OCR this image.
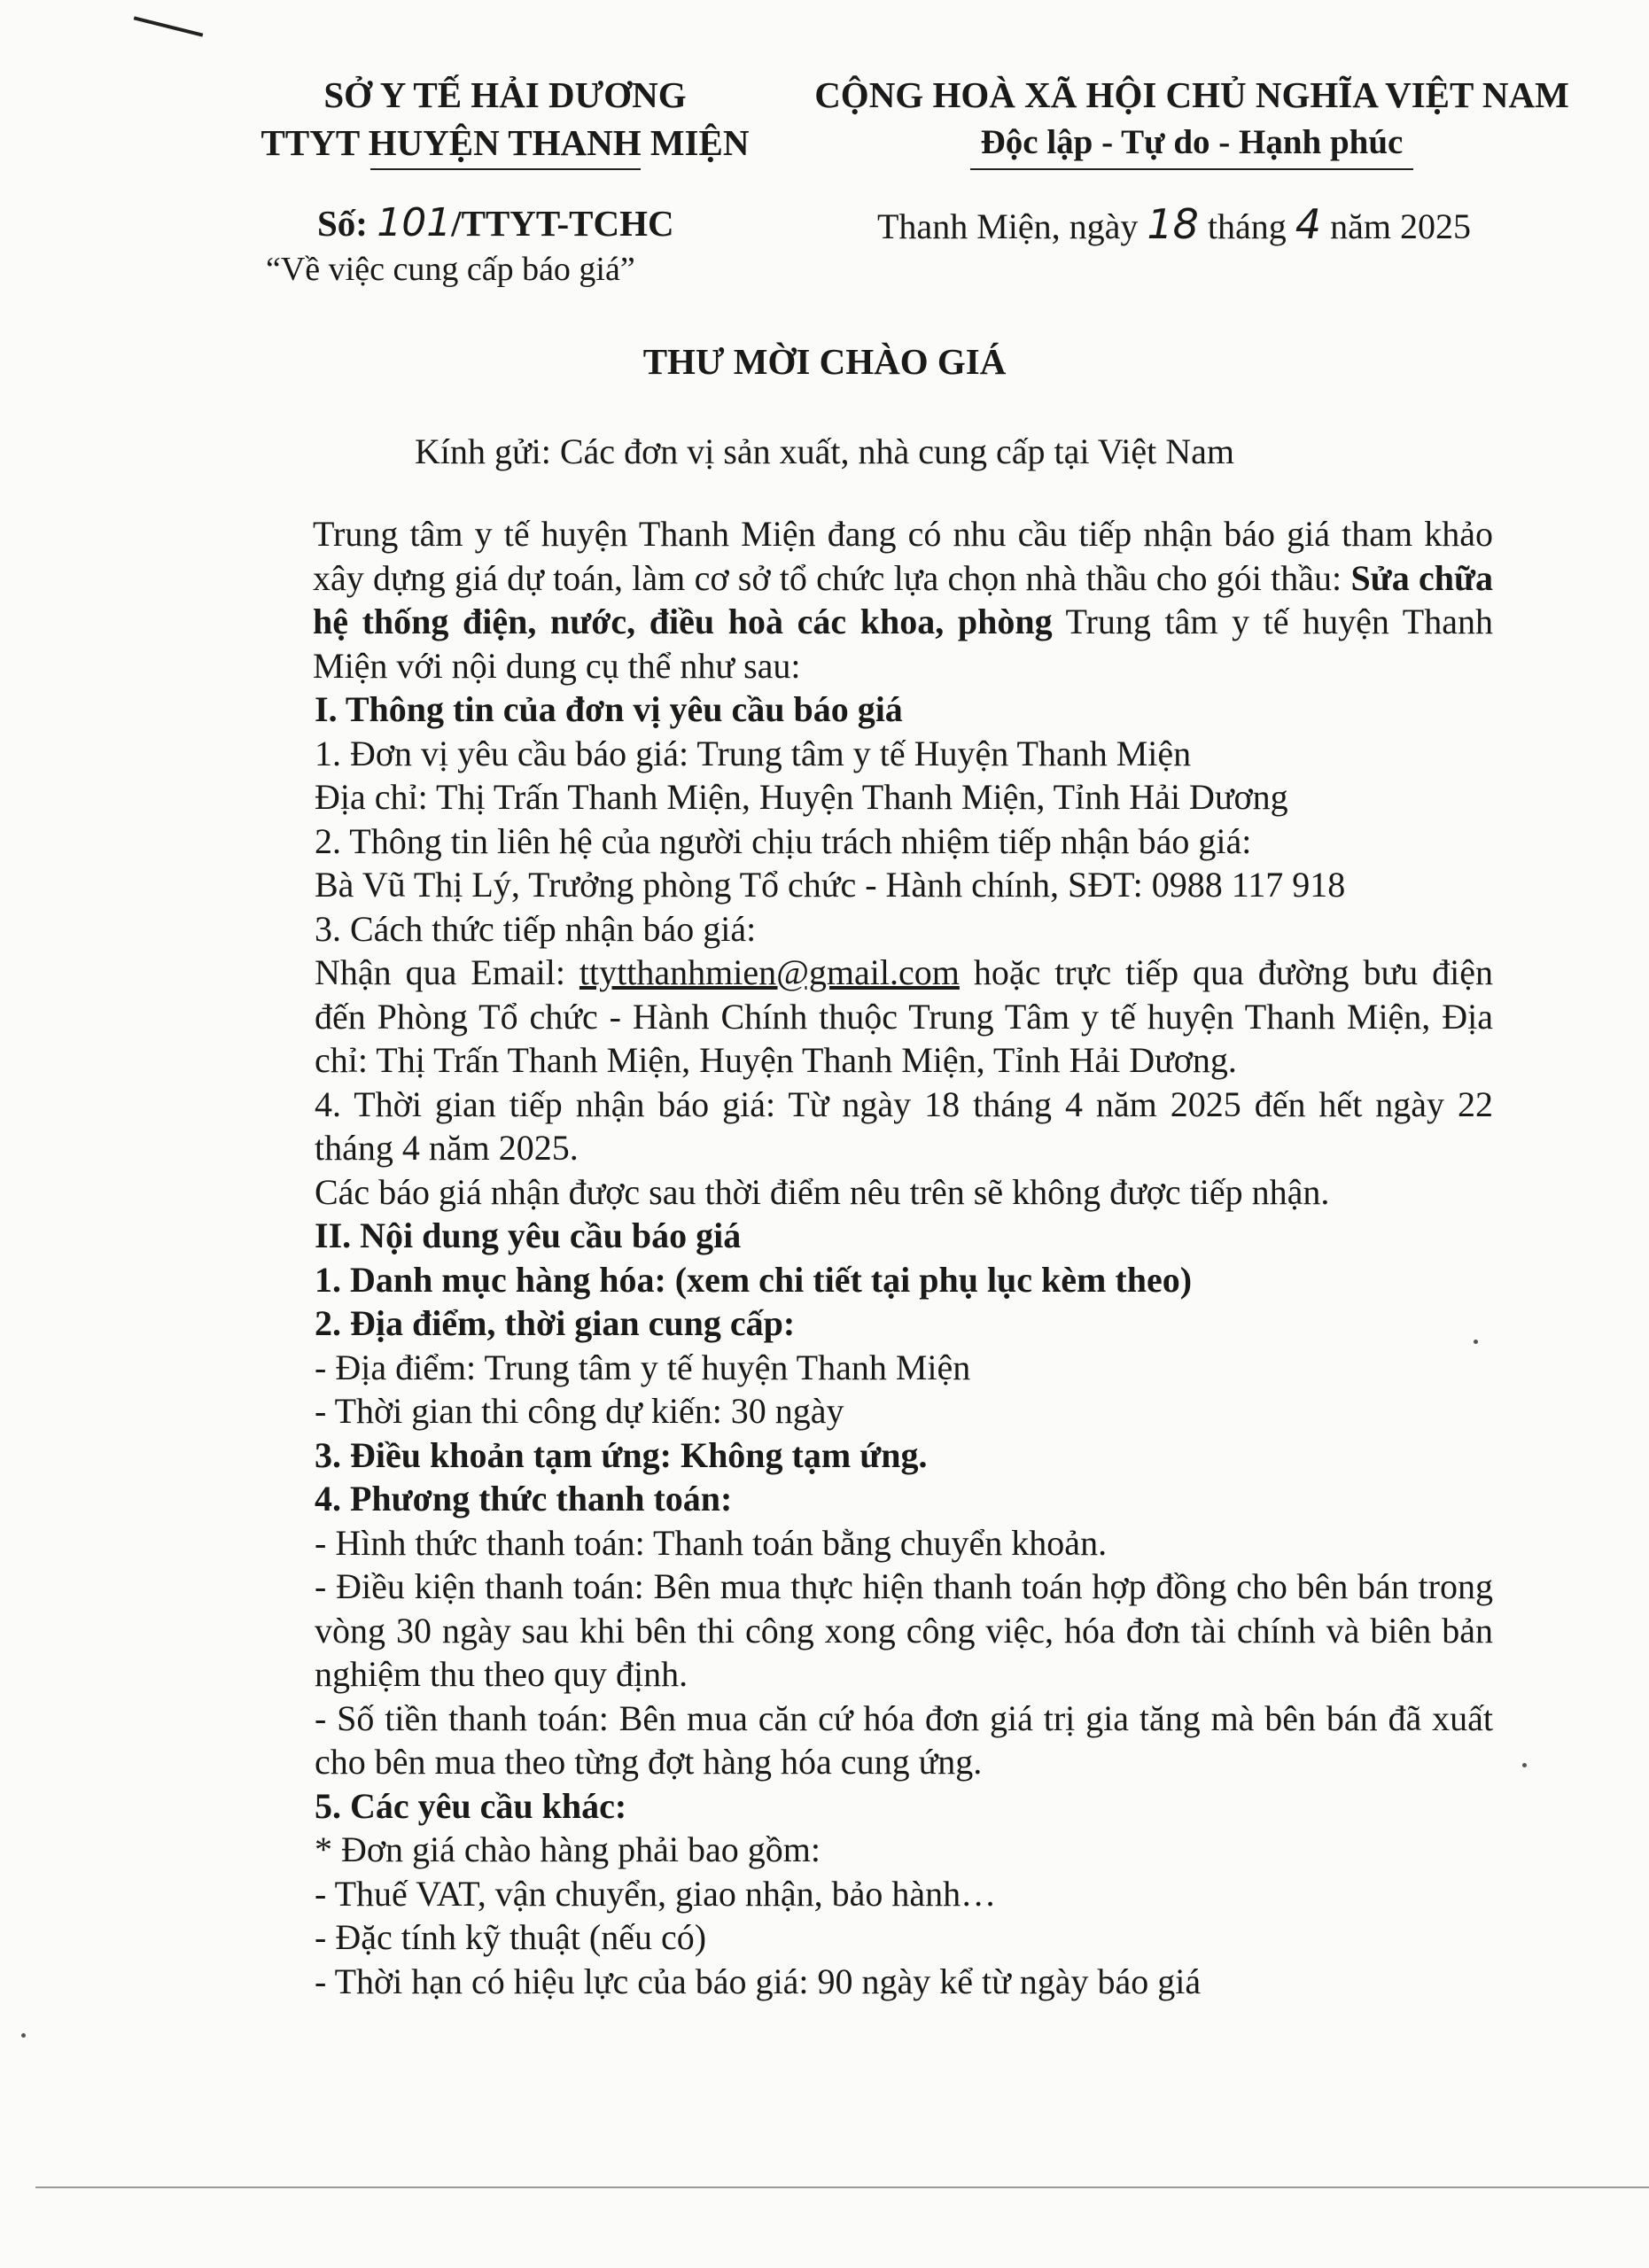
SỞ Y TẾ HẢI DƯƠNG
TTYT HUYỆN THANH MIỆN
CỘNG HOÀ XÃ HỘI CHỦ NGHĨA VIỆT NAM
Độc lập - Tự do - Hạnh phúc
Số: 101/TTYT-TCHC
“Về việc cung cấp báo giá”
Thanh Miện, ngày 18 tháng 4 năm 2025
THƯ MỜI CHÀO GIÁ
Kính gửi: Các đơn vị sản xuất, nhà cung cấp tại Việt Nam

Trung tâm y tế huyện Thanh Miện đang có nhu cầu tiếp nhận báo giá tham khảo xây dựng giá dự toán, làm cơ sở tổ chức lựa chọn nhà thầu cho gói thầu: Sửa chữa hệ thống điện, nước, điều hoà các khoa, phòng Trung tâm y tế huyện Thanh Miện với nội dung cụ thể như sau:

I. Thông tin của đơn vị yêu cầu báo giá

1. Đơn vị yêu cầu báo giá: Trung tâm y tế Huyện Thanh Miện

Địa chỉ: Thị Trấn Thanh Miện, Huyện Thanh Miện, Tỉnh Hải Dương

2. Thông tin liên hệ của người chịu trách nhiệm tiếp nhận báo giá:

Bà Vũ Thị Lý, Trưởng phòng Tổ chức - Hành chính, SĐT: 0988 117 918

3. Cách thức tiếp nhận báo giá:

Nhận qua Email: ttytthanhmien@gmail.com hoặc trực tiếp qua đường bưu điện đến Phòng Tổ chức - Hành Chính thuộc Trung Tâm y tế huyện Thanh Miện, Địa chỉ: Thị Trấn Thanh Miện, Huyện Thanh Miện, Tỉnh Hải Dương.

4. Thời gian tiếp nhận báo giá: Từ ngày 18 tháng 4 năm 2025 đến hết ngày 22 tháng 4 năm 2025.

Các báo giá nhận được sau thời điểm nêu trên sẽ không được tiếp nhận.

II. Nội dung yêu cầu báo giá

1. Danh mục hàng hóa: (xem chi tiết tại phụ lục kèm theo)

2. Địa điểm, thời gian cung cấp:

- Địa điểm: Trung tâm y tế huyện Thanh Miện

- Thời gian thi công dự kiến: 30 ngày

3. Điều khoản tạm ứng: Không tạm ứng.

4. Phương thức thanh toán:

- Hình thức thanh toán: Thanh toán bằng chuyển khoản.

- Điều kiện thanh toán: Bên mua thực hiện thanh toán hợp đồng cho bên bán trong vòng 30 ngày sau khi bên thi công xong công việc, hóa đơn tài chính và biên bản nghiệm thu theo quy định.

- Số tiền thanh toán: Bên mua căn cứ hóa đơn giá trị gia tăng mà bên bán đã xuất cho bên mua theo từng đợt hàng hóa cung ứng.

5. Các yêu cầu khác:

* Đơn giá chào hàng phải bao gồm:

- Thuế VAT, vận chuyển, giao nhận, bảo hành…

- Đặc tính kỹ thuật (nếu có)

- Thời hạn có hiệu lực của báo giá: 90 ngày kể từ ngày báo giá
